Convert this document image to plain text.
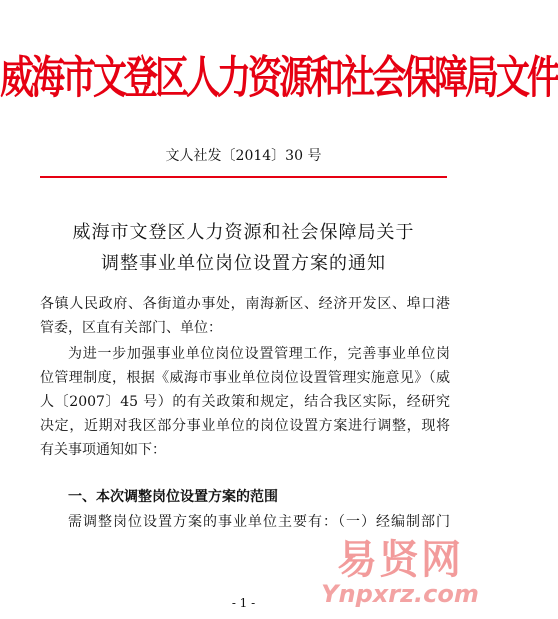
威海市文登区人力资源和社会保障局文件
文人社发〔2014〕30 号
威海市文登区人力资源和社会保障局关于
调整事业单位岗位设置方案的通知
各镇人民政府、各街道办事处，南海新区、经济开发区、埠口港
管委，区直有关部门、单位：
为进一步加强事业单位岗位设置管理工作，完善事业单位岗
位管理制度，根据《威海市事业单位岗位设置管理实施意见》（威
人〔2007〕45 号）的有关政策和规定，结合我区实际，经研究
决定，近期对我区部分事业单位的岗位设置方案进行调整，现将
有关事项通知如下：
一、本次调整岗位设置方案的范围
需调整岗位设置方案的事业单位主要有：（一）经编制部门
- 1 -
易贤网
Ynpxrz.com
